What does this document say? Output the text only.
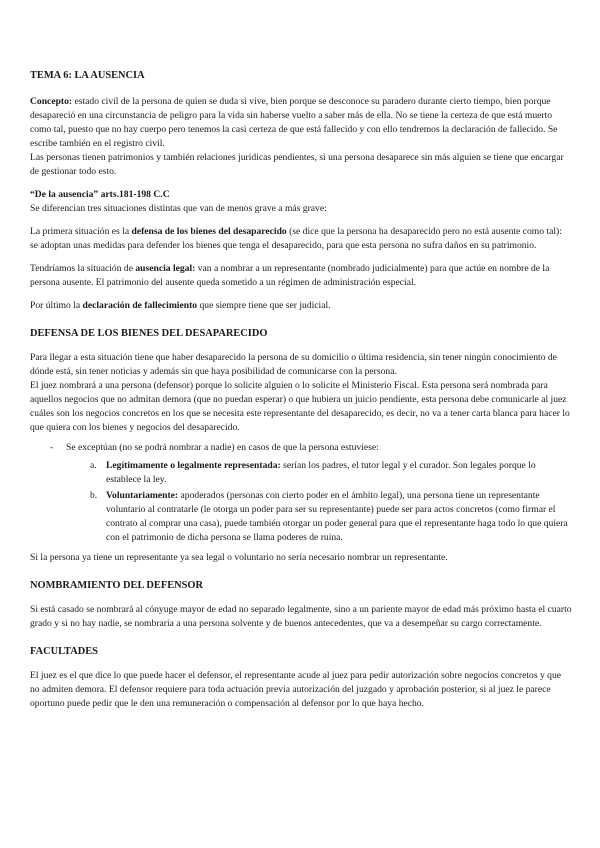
TEMA 6: LA AUSENCIA

Concepto: estado civil de la persona de quien se duda si vive, bien porque se desconoce su paradero durante cierto tiempo, bien porque desapareció en una circunstancia de peligro para la vida sin haberse vuelto a saber más de ella. No se tiene la certeza de que está muerto como tal, puesto que no hay cuerpo pero tenemos la casi certeza de que está fallecido y con ello tendremos la declaración de fallecido. Se escribe también en el registro civil.

Las personas tienen patrimonios y también relaciones jurídicas pendientes, si una persona desaparece sin más alguien se tiene que encargar de gestionar todo esto.

“De la ausencia” arts.181-198 C.C

Se diferencian tres situaciones distintas que van de menos grave a más grave:

La primera situación es la defensa de los bienes del desaparecido (se dice que la persona ha desaparecido pero no está ausente como tal): se adoptan unas medidas para defender los bienes que tenga el desaparecido, para que esta persona no sufra daños en su patrimonio.

Tendríamos la situación de ausencia legal: van a nombrar a un representante (nombrado judicialmente) para que actúe en nombre de la persona ausente. El patrimonio del ausente queda sometido a un régimen de administración especial.

Por último la declaración de fallecimiento que siempre tiene que ser judicial.

DEFENSA DE LOS BIENES DEL DESAPARECIDO

Para llegar a esta situación tiene que haber desaparecido la persona de su domicilio o última residencia, sin tener ningún conocimiento de dónde está, sin tener noticias y además sin que haya posibilidad de comunicarse con la persona.

El juez nombrará a una persona (defensor) porque lo solicite alguien o lo solicite el Ministerio Fiscal. Esta persona será nombrada para aquellos negocios que no admitan demora (que no puedan esperar) o que hubiera un juicio pendiente, esta persona debe comunicarle al juez cuáles son los negocios concretos en los que se necesita este representante del desaparecido, es decir, no va a tener carta blanca para hacer lo que quiera con los bienes y negocios del desaparecido.

- Se exceptúan (no se podrá nombrar a nadie) en casos de que la persona estuviese:
a. Legítimamente o legalmente representada: serían los padres, el tutor legal y el curador. Son legales porque lo establece la ley.
b. Voluntariamente: apoderados (personas con cierto poder en el ámbito legal), una persona tiene un representante voluntario al contratarle (le otorga un poder para ser su representante) puede ser para actos concretos (como firmar el contrato al comprar una casa), puede también otorgar un poder general para que el representante haga todo lo que quiera con el patrimonio de dicha persona se llama poderes de ruina.

Si la persona ya tiene un representante ya sea legal o voluntario no sería necesario nombrar un representante.

NOMBRAMIENTO DEL DEFENSOR

Si está casado se nombrará al cónyuge mayor de edad no separado legalmente, sino a un pariente mayor de edad más próximo hasta el cuarto grado y si no hay nadie, se nombraría a una persona solvente y de buenos antecedentes, que va a desempeñar su cargo correctamente.

FACULTADES

El juez es el que dice lo que puede hacer el defensor, el representante acude al juez para pedir autorización sobre negocios concretos y que no admiten demora. El defensor requiere para toda actuación previa autorización del juzgado y aprobación posterior, si al juez le parece oportuno puede pedir que le den una remuneración o compensación al defensor por lo que haya hecho.
